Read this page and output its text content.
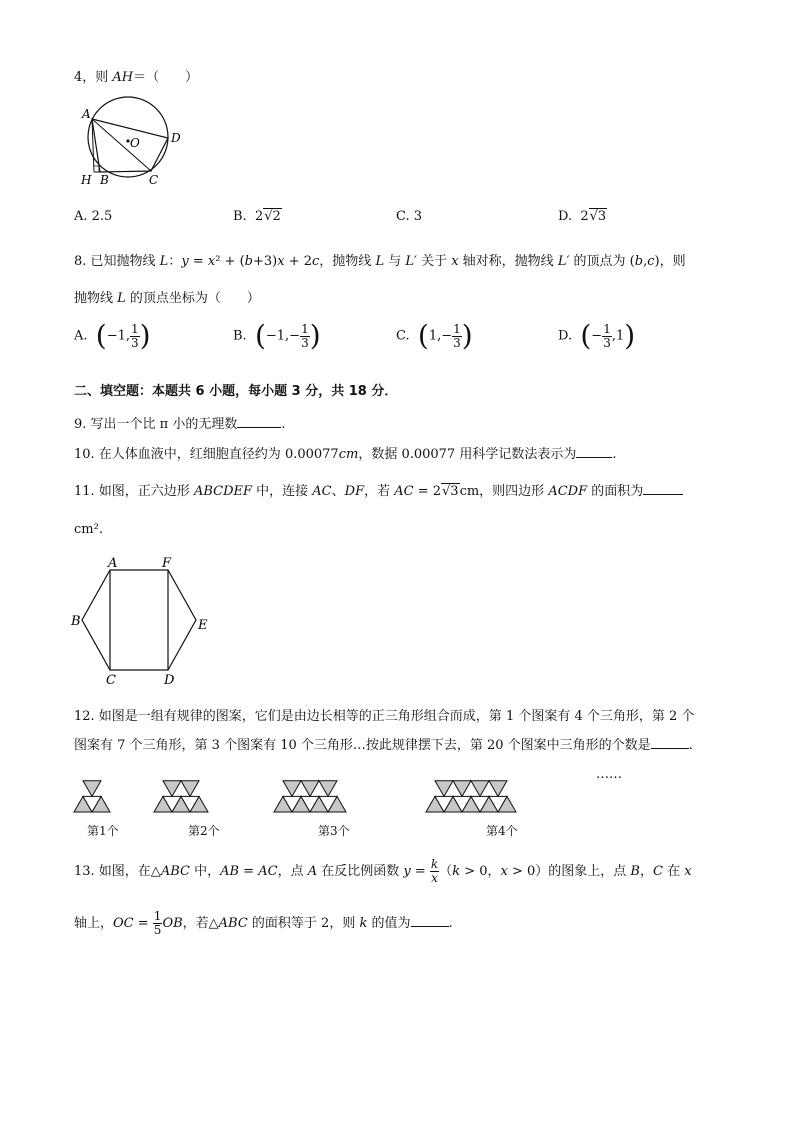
4，则 AH＝（　　）
A
O	D
H B	C
A. 2.5	B.  2√2	C. 3	D.  2√3
8. 已知抛物线 L：y = x² + (b+3)x + 2c，抛物线 L 与 L′ 关于 x 轴对称，抛物线 L′ 的顶点为 (b,c)，则
抛物线 L 的顶点坐标为（　　）
A.  (−1, $\frac{1}{3}$ )	B.  ($-1,- \frac{1}{3}$ )	C.  ($1,- \frac{1}{3}$ )	D.  (− $\frac{1}{3} ,1$)
二、填空题：本题共 6 小题，每小题 3 分，共 18 分．
9. 写出一个比 π 小的无理数	.
10. 在人体血液中，红细胞直径约为 0.00077cm，数据 0.00077 用科学记数法表示为	.
11. 如图，正六边形 ABCDEF 中，连接 AC、DF，若 AC = 2√3cm，则四边形 ACDF 的面积为
cm².
A	F
B	E
C	D
12. 如图是一组有规律的图案，它们是由边长相等的正三角形组合而成，第 1 个图案有 4 个三角形，第 2 个
图案有 7 个三角形，第 3 个图案有 10 个三角形…按此规律摆下去，第 20 个图案中三角形的个数是	.
……
第1个	第2个	第3个	第4个
13. 如图，在△ABC 中，AB = AC，点 A 在反比例函数 $y = \frac{k}{x} (k > 0$，x > 0）的图象上，点 B，C 在 x
轴上，OC = $\frac{1}{5}$ OB，若△ABC 的面积等于 2，则 k 的值为	.
